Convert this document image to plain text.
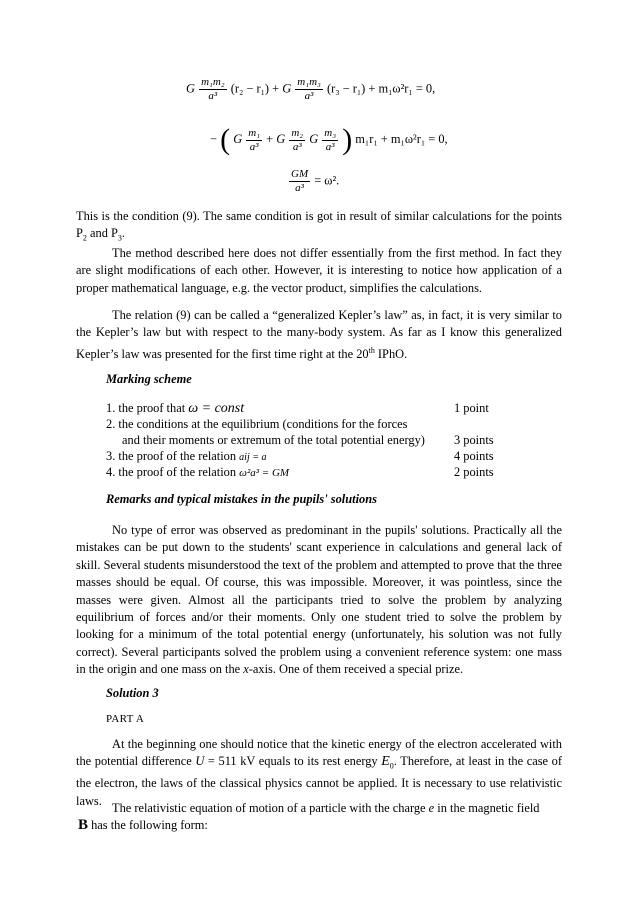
G $\frac{\text{m₁m₂}}{\text{a³}} (r_2 - r_1) + G \frac{\text{m₁m₃}}{\text{a³}} (r_3 - r_1) + m_1\omega^2r_1 = 0$,
− ( G $\frac{\text{m₁}}{\text{a³}} + G \frac{\text{m₂}}{\text{a³}}$ G $\frac{\text{m₃}}{\text{a³}}$ ) m₁r₁ + m₁ω²r₁ = 0,
$\frac{GM}{\text{a³}} = \omega^2$.
This is the condition (9). The same condition is got in result of similar calculations for the points $P_2$ and $P_3$.
The method described here does not differ essentially from the first method. In fact they are slight modifications of each other. However, it is interesting to notice how application of a proper mathematical language, e.g. the vector product, simplifies the calculations.
The relation (9) can be called a “generalized Kepler’s law” as, in fact, it is very similar to the Kepler’s law but with respect to the many-body system. As far as I know this generalized Kepler’s law was presented for the first time right at the 20th IPhO.
Marking scheme
1. the proof that ω = const	1 point
2. the conditions at the equilibrium (conditions for the forces
and their moments or extremum of the total potential energy) 3 points
3. the proof of the relation aij = a	4 points
4. the proof of the relation ω²a³ = GM	2 points
Remarks and typical mistakes in the pupils' solutions
No type of error was observed as predominant in the pupils' solutions. Practically all the mistakes can be put down to the students' scant experience in calculations and general lack of skill. Several students misunderstood the text of the problem and attempted to prove that the three masses should be equal. Of course, this was impossible. Moreover, it was pointless, since the masses were given. Almost all the participants tried to solve the problem by analyzing equilibrium of forces and/or their moments. Only one student tried to solve the problem by looking for a minimum of the total potential energy (unfortunately, his solution was not fully correct). Several participants solved the problem using a convenient reference system: one mass in the origin and one mass on the x-axis. One of them received a special prize.
Solution 3
PART A
At the beginning one should notice that the kinetic energy of the electron accelerated with the potential difference U = 511 kV equals to its rest energy $E_0$. Therefore, at least in the case of the electron, the laws of the classical physics cannot be applied. It is necessary to use relativistic laws.
The relativistic equation of motion of a particle with the charge e in the magnetic field
B has the following form:
